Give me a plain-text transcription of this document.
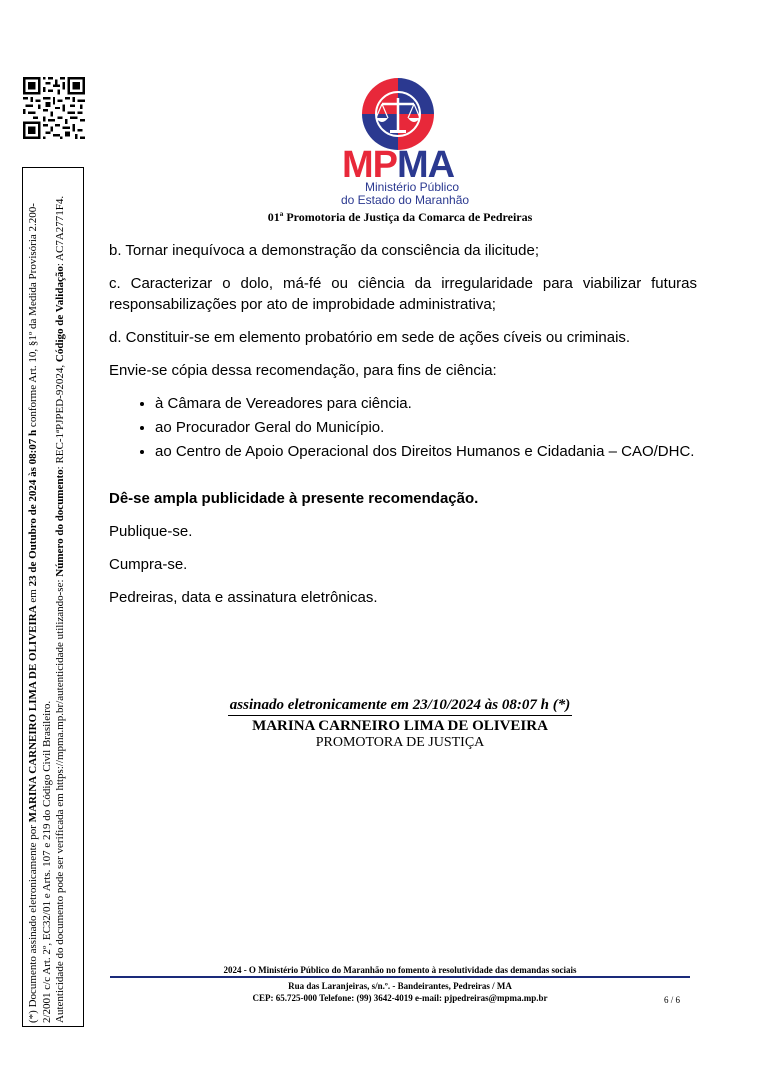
(*) Documento assinado eletronicamente por MARINA CARNEIRO LIMA DE OLIVEIRA em 23 de Outubro de 2024 às 08:07 h conforme Art. 10, §1º da Medida Provisória 2.200-2/2001 c/c Art. 2º, EC32/01 e Arts. 107 e 219 do Código Civil Brasileiro. Autenticidade do documento pode ser verificada em https://mpma.mp.br/autenticidade utilizando-se: Número do documento: REC-1ªPJPED-92024, Código de Validação: AC7A2771F4.
MPMA
Ministério Público
do Estado do Maranhão
01ª Promotoria de Justiça da Comarca de Pedreiras

b. Tornar inequívoca a demonstração da consciência da ilicitude;

c. Caracterizar o dolo, má-fé ou ciência da irregularidade para viabilizar futuras responsabilizações por ato de improbidade administrativa;

d. Constituir-se em elemento probatório em sede de ações cíveis ou criminais.

Envie-se cópia dessa recomendação, para fins de ciência:

• à Câmara de Vereadores para ciência.
• ao Procurador Geral do Município.
• ao Centro de Apoio Operacional dos Direitos Humanos e Cidadania – CAO/DHC.

Dê-se ampla publicidade à presente recomendação.

Publique-se.

Cumpra-se.

Pedreiras, data e assinatura eletrônicas.

assinado eletronicamente em 23/10/2024 às 08:07 h (*)
MARINA CARNEIRO LIMA DE OLIVEIRA
PROMOTORA DE JUSTIÇA
2024 - O Ministério Público do Maranhão no fomento à resolutividade das demandas sociais
Rua das Laranjeiras, s/n.º. - Bandeirantes, Pedreiras / MA
CEP: 65.725-000 Telefone: (99) 3642-4019 e-mail: pjpedreiras@mpma.mp.br	6 / 6
